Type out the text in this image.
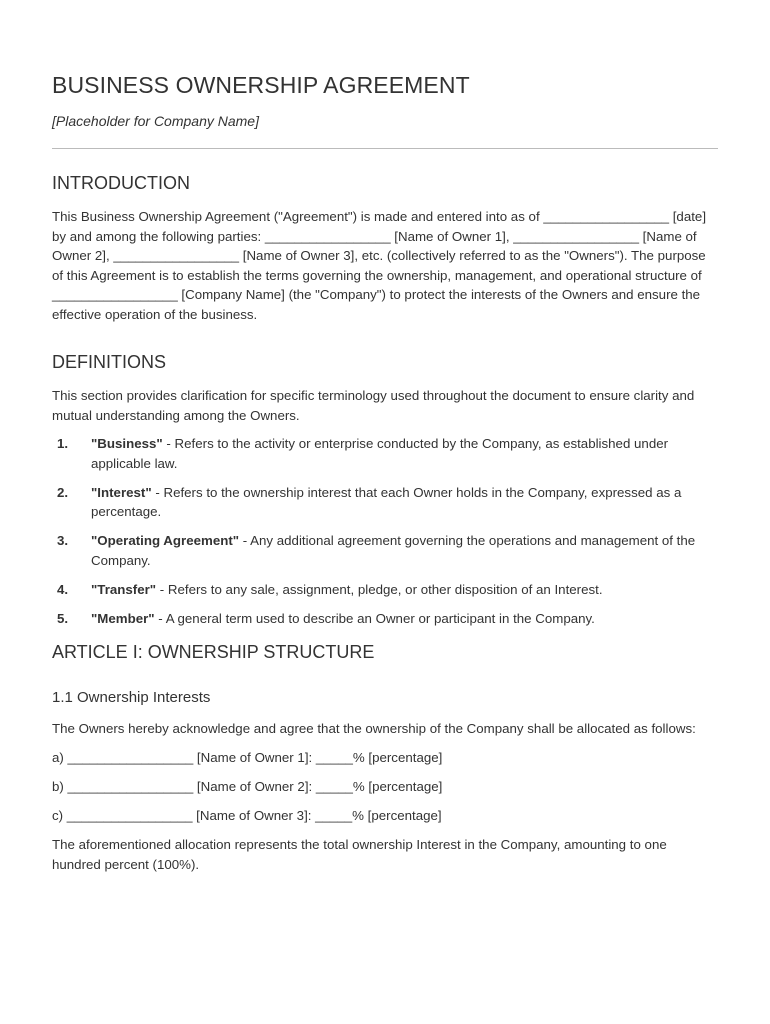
BUSINESS OWNERSHIP AGREEMENT
[Placeholder for Company Name]
INTRODUCTION

This Business Ownership Agreement ("Agreement") is made and entered into as of _________________ [date] by and among the following parties: _________________ [Name of Owner 1], _________________ [Name of Owner 2], _________________ [Name of Owner 3], etc. (collectively referred to as the "Owners"). The purpose of this Agreement is to establish the terms governing the ownership, management, and operational structure of _________________ [Company Name] (the "Company") to protect the interests of the Owners and ensure the effective operation of the business.

DEFINITIONS

This section provides clarification for specific terminology used throughout the document to ensure clarity and mutual understanding among the Owners.

1. "Business" - Refers to the activity or enterprise conducted by the Company, as established under applicable law.
2. "Interest" - Refers to the ownership interest that each Owner holds in the Company, expressed as a percentage.
3. "Operating Agreement" - Any additional agreement governing the operations and management of the Company.
4. "Transfer" - Refers to any sale, assignment, pledge, or other disposition of an Interest.
5. "Member" - A general term used to describe an Owner or participant in the Company.
ARTICLE I: OWNERSHIP STRUCTURE
1.1 Ownership Interests

The Owners hereby acknowledge and agree that the ownership of the Company shall be allocated as follows:

a) _________________ [Name of Owner 1]: _____% [percentage]

b) _________________ [Name of Owner 2]: _____% [percentage]

c) _________________ [Name of Owner 3]: _____% [percentage]

The aforementioned allocation represents the total ownership Interest in the Company, amounting to one hundred percent (100%).
